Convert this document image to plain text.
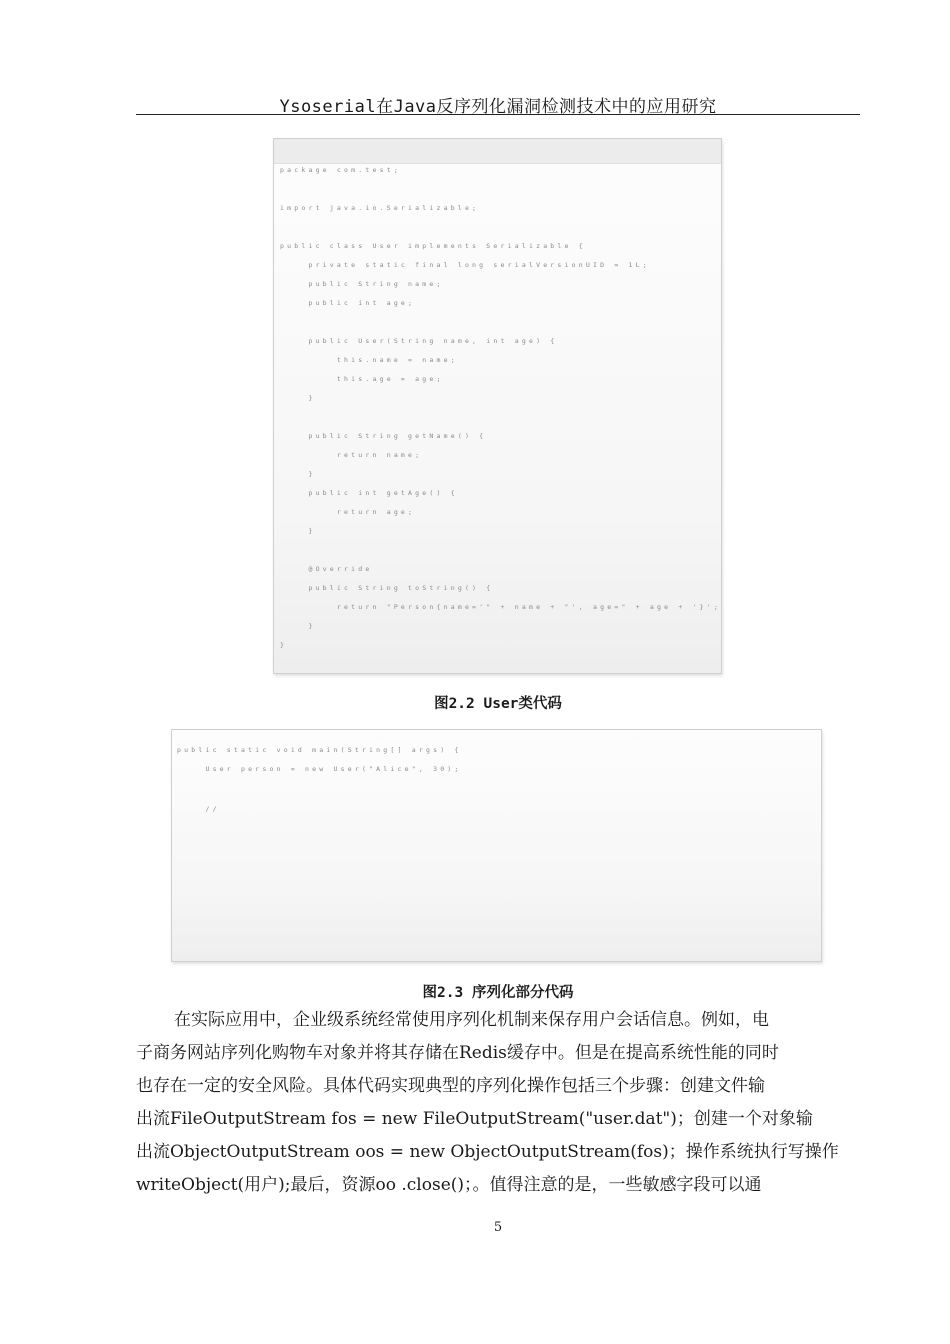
Ysoserial在Java反序列化漏洞检测技术中的应用研究
package com.test;
import java.io.Serializable;
public class User implements Serializable {
private static final long serialVersionUID = 1L;
public String name;
public int age;
public User(String name, int age) {
this.name = name;
this.age = age;
}
public String getName() {
return name;
}
public int getAge() {
return age;
}
@Override
public String toString() {
return "Person{name='" + name + "', age=" + age + '}';
}
}
图2.2 User类代码
public static void main(String[] args) {
User person = new User("Alice", 30);
//
图2.3 序列化部分代码
在实际应用中，企业级系统经常使用序列化机制来保存用户会话信息。例如，电
子商务网站序列化购物车对象并将其存储在Redis缓存中。但是在提高系统性能的同时
也存在一定的安全风险。具体代码实现典型的序列化操作包括三个步骤：创建文件输
出流FileOutputStream fos = new FileOutputStream("user.dat")；创建一个对象输
出流ObjectOutputStream oos = new ObjectOutputStream(fos)；操作系统执行写操作
writeObject(用户);最后，资源oo .close()；。值得注意的是，一些敏感字段可以通
5
